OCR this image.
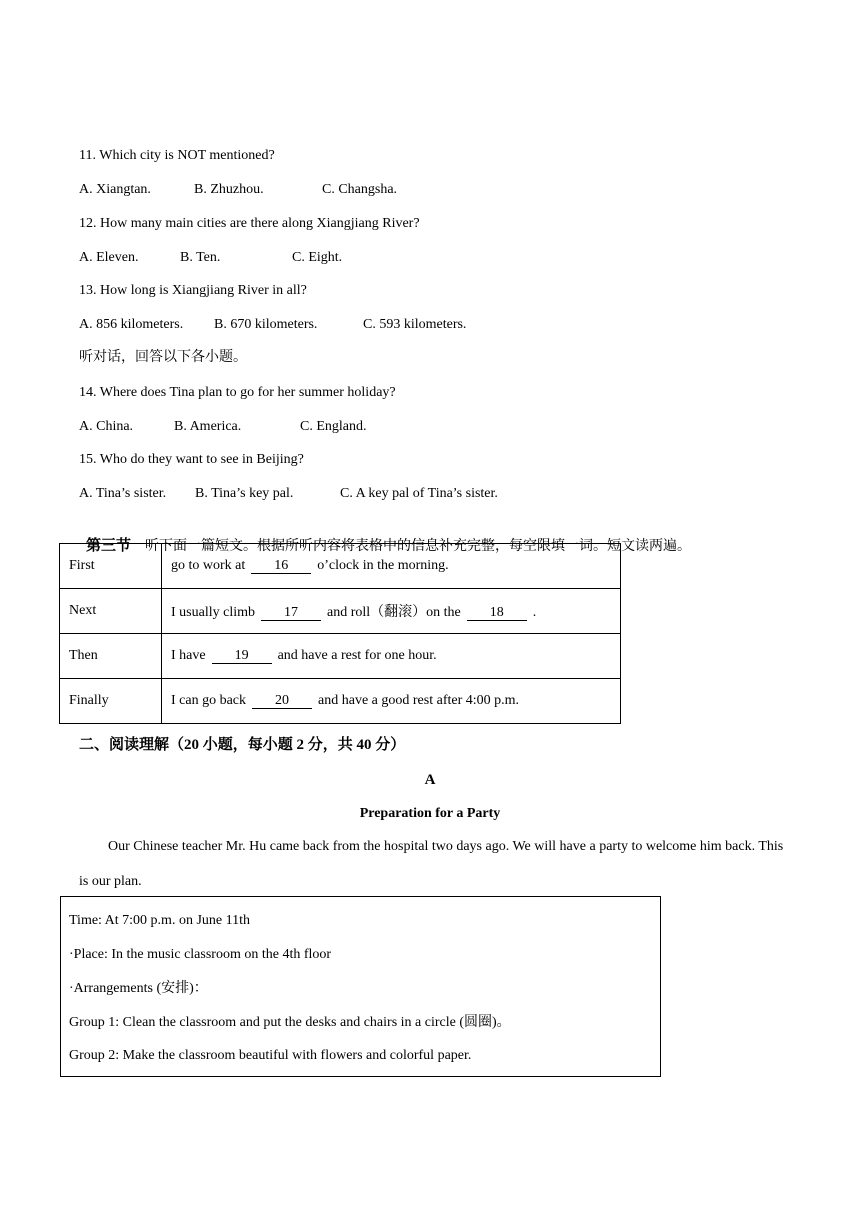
11. Which city is NOT mentioned?
A. Xiangtan.	B. Zhuzhou.	C. Changsha.
12. How many main cities are there along Xiangjiang River?
A. Eleven.	B. Ten.	C. Eight.
13. How long is Xiangjiang River in all?
A. 856 kilometers. B. 670 kilometers.	C. 593 kilometers.
听对话，回答以下各小题。
14. Where does Tina plan to go for her summer holiday?
A. China.	B. America.	C. England.
15. Who do they want to see in Beijing?
A. Tina’s sister. B. Tina’s key pal.	C. A key pal of Tina’s sister.

第三节 听下面一篇短文。根据所听内容将表格中的信息补充完整，每空限填一词。短文读两遍。

First	go to work at 16 o’clock in the morning.
Next	I usually climb 17 and roll（翻滚）on the 18 .
Then	I have 19 and have a rest for one hour.
Finally	I can go back 20 and have a good rest after 4:00 p.m.
二、阅读理解（20 小题，每小题 2 分，共 40 分）
A
Preparation for a Party
Our Chinese teacher Mr. Hu came back from the hospital two days ago. We will have a party to welcome him back. This is our plan.
Time: At 7:00 p.m. on June 11th
·Place: In the music classroom on the 4th floor
·Arrangements (安排)：
Group 1: Clean the classroom and put the desks and chairs in a circle (圆圈)。
Group 2: Make the classroom beautiful with flowers and colorful paper.
